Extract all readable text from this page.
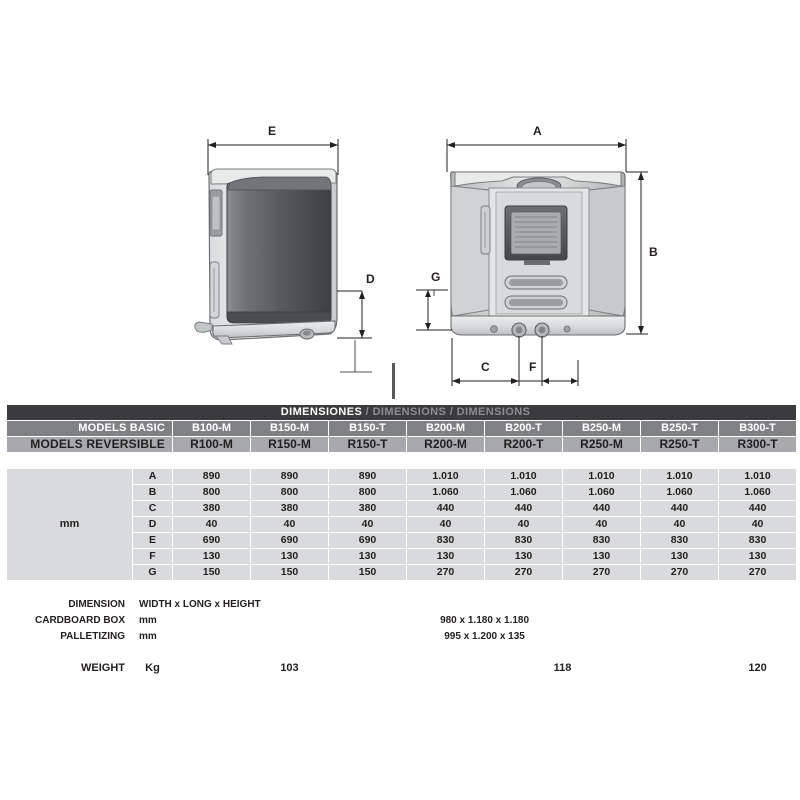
E
D
A
B
G
C	F
DIMENSIONES / DIMENSIONS / DIMENSIONS									
MODELS BASIC		B100-M	B150-M	B150-T	B200-M	B200-T	B250-M	B250-T	B300-T
MODELS REVERSIBLE		R100-M	R150-M	R150-T	R200-M	R200-T	R250-M	R250-T	R300-T

mm	A	890	890	890	1.010	1.010	1.010	1.010	1.010
	B	800	800	800	1.060	1.060	1.060	1.060	1.060
	C	380	380	380	440	440	440	440	440
	D	40	40	40	40	40	40	40	40
	E	690	690	690	830	830	830	830	830
	F	130	130	130	130	130	130	130	130
	G	150	150	150	270	270	270	270	270

DIMENSION	WIDTH x LONG x HEIGHT								
CARDBOARD BOX	mm	980 x 1.180 x 1.180							
PALLETIZING	mm	995 x 1.200 x 135							

WEIGHT	Kg	103			118				120
